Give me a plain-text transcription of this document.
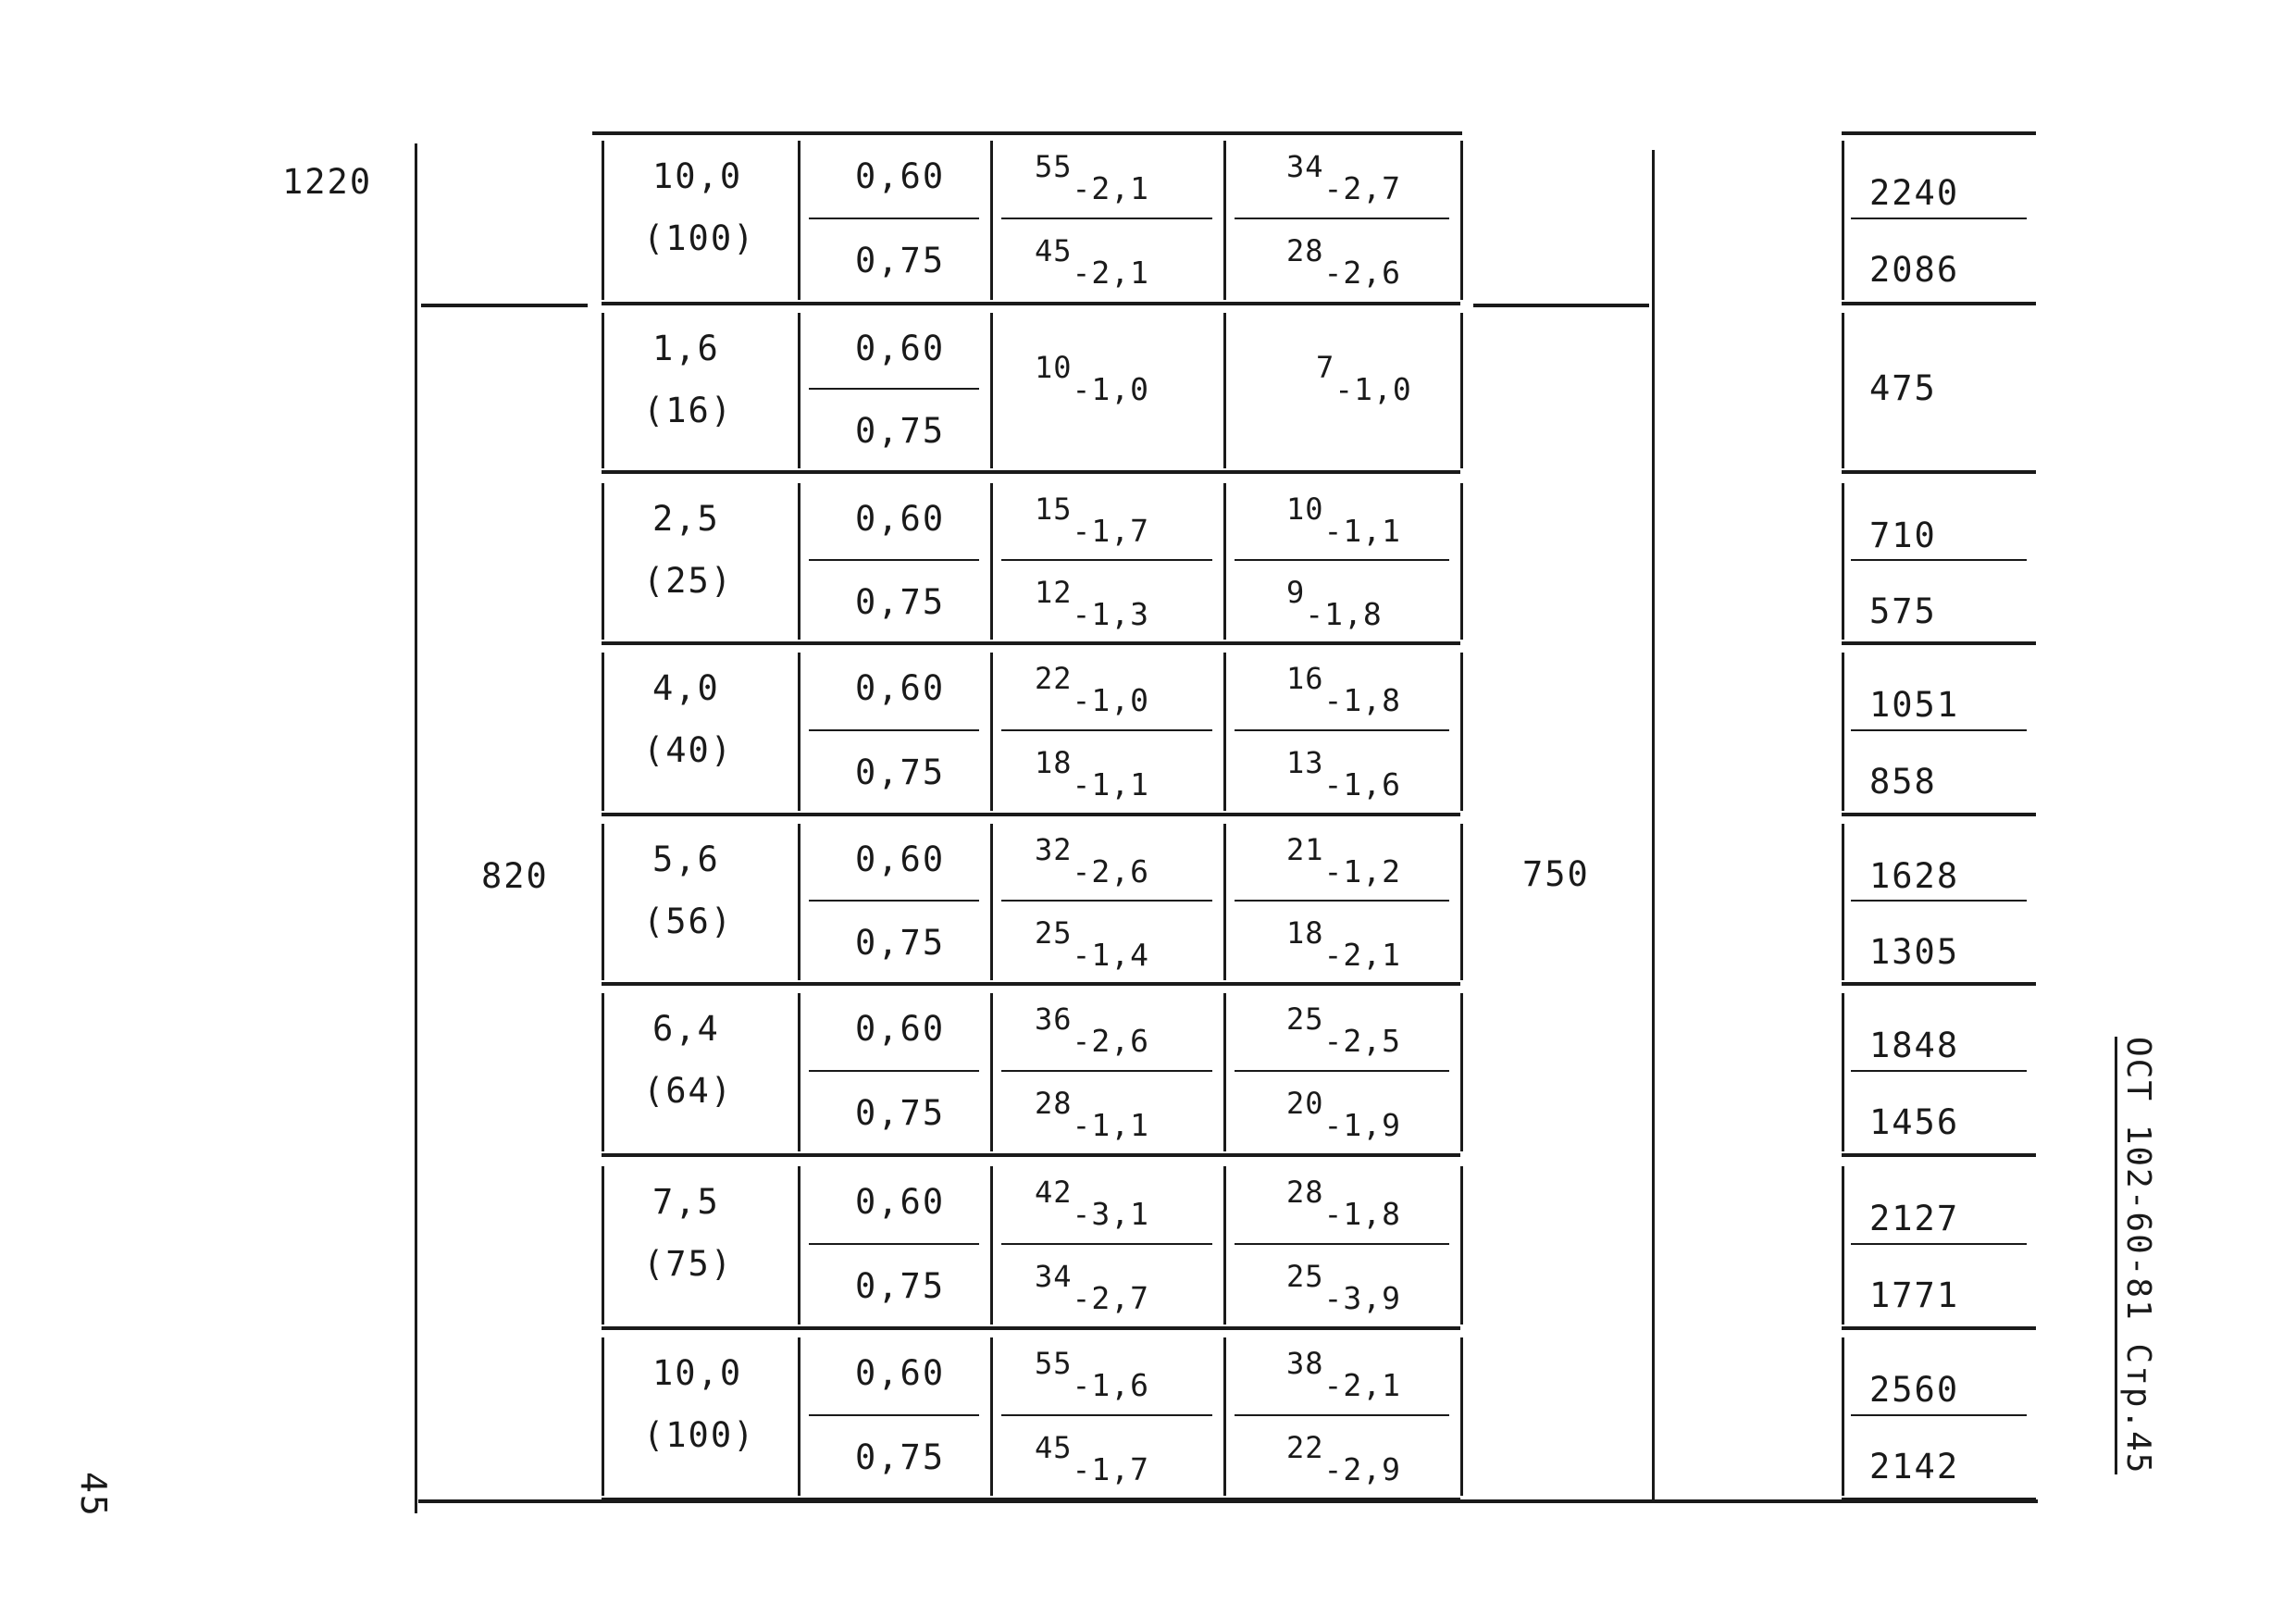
1220
820	750
45
ОСТ 102-60-81 Стр.45
10,0
(100)
0,60
0,75
55-2,1
45-2,1
34-2,7
28-2,6
2240
2086
1,6
(16)
0,60
0,75
10-1,0
7-1,0	475
2,5
(25)
0,60
0,75
15-1,7
12-1,3
10-1,1
9-1,8
710
575
4,0
(40)
0,60
0,75
22-1,0
18-1,1
16-1,8
13-1,6
1051
858
5,6
(56)
0,60
0,75
32-2,6
25-1,4
21-1,2
18-2,1
1628
1305
6,4
(64)
0,60
0,75
36-2,6
28-1,1
25-2,5
20-1,9
1848
1456
7,5
(75)
0,60
0,75
42-3,1
34-2,7
28-1,8
25-3,9
2127
1771
10,0
(100)
0,60
0,75
55-1,6
45-1,7
38-2,1
22-2,9
2560
2142
